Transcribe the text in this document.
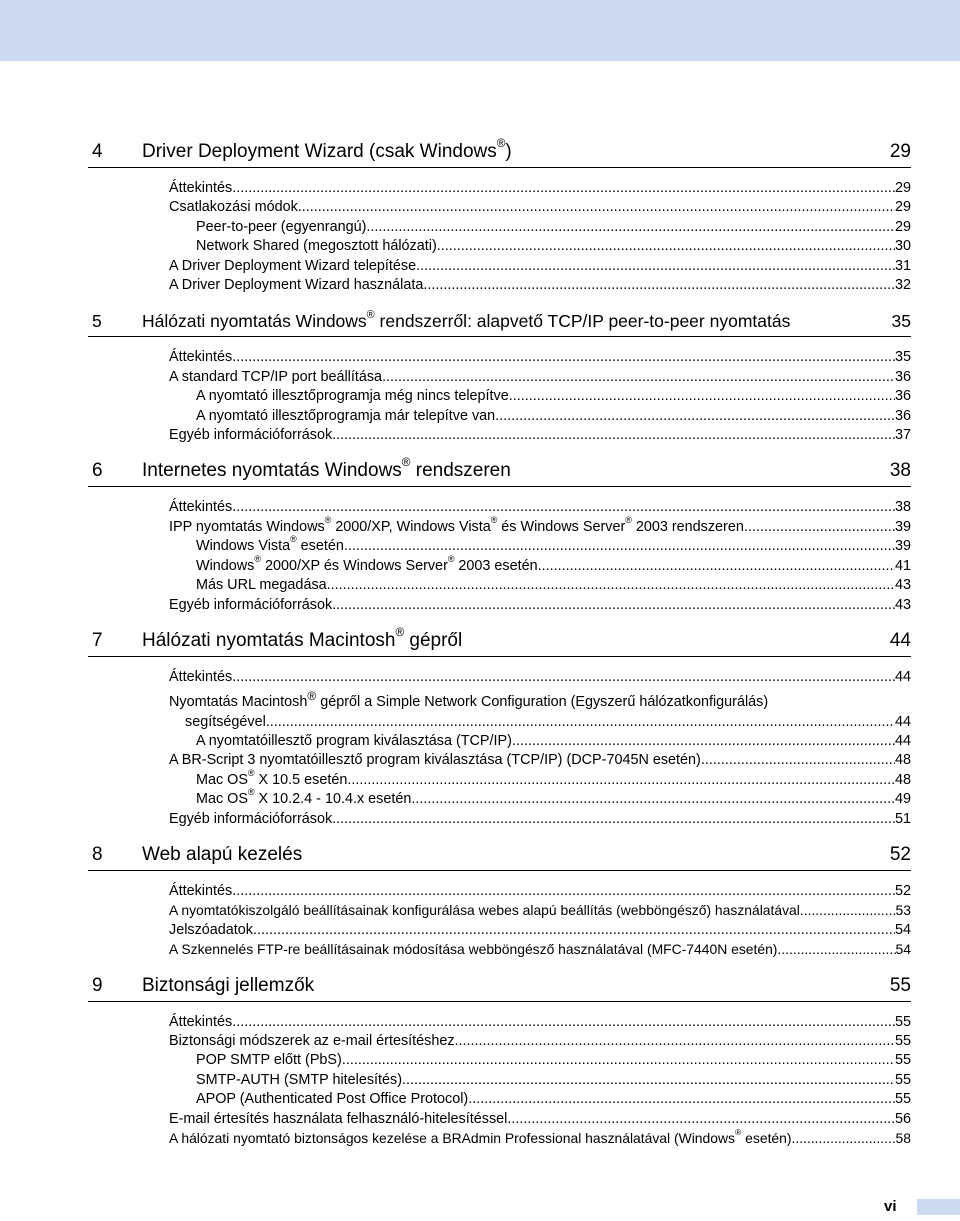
4 Driver Deployment Wizard (csak Windows®)	29
Áttekintés .....	29
Csatlakozási módok .....	29
Peer-to-peer (egyenrangú) .....	29
Network Shared (megosztott hálózati) .....	30
A Driver Deployment Wizard telepítése .....	31
A Driver Deployment Wizard használata .....	32
5 Hálózati nyomtatás Windows® rendszerről: alapvető TCP/IP peer-to-peer nyomtatás	35
Áttekintés .....	35
A standard TCP/IP port beállítása .....	36
A nyomtató illesztőprogramja még nincs telepítve .....	36
A nyomtató illesztőprogramja már telepítve van .....	36
Egyéb információforrások .....	37
6 Internetes nyomtatás Windows® rendszeren	38
Áttekintés .....	38
IPP nyomtatás Windows® 2000/XP, Windows Vista® és Windows Server® 2003 rendszeren .....	39
Windows Vista® esetén .....	39
Windows® 2000/XP és Windows Server® 2003 esetén .....	41
Más URL megadása .....	43
Egyéb információforrások .....	43
7 Hálózati nyomtatás Macintosh® gépről	44
Áttekintés .....	44
Nyomtatás Macintosh® gépről a Simple Network Configuration (Egyszerű hálózatkonfigurálás)
segítségével .....	44
A nyomtatóillesztő program kiválasztása (TCP/IP) .....	44
A BR-Script 3 nyomtatóillesztő program kiválasztása (TCP/IP) (DCP-7045N esetén) .....	48
Mac OS® X 10.5 esetén .....	48
Mac OS® X 10.2.4 - 10.4.x esetén .....	49
Egyéb információforrások .....	51
8 Web alapú kezelés	52
Áttekintés .....	52
A nyomtatókiszolgáló beállításainak konfigurálása webes alapú beállítás (webböngésző) használatával .....	53
Jelszóadatok .....	54
A Szkennelés FTP-re beállításainak módosítása webböngésző használatával (MFC-7440N esetén) .....	54
9 Biztonsági jellemzők	55
Áttekintés .....	55
Biztonsági módszerek az e-mail értesítéshez .....	55
POP SMTP előtt (PbS) .....	55
SMTP-AUTH (SMTP hitelesítés) .....	55
APOP (Authenticated Post Office Protocol) .....	55
E-mail értesítés használata felhasználó-hitelesítéssel .....	56
A hálózati nyomtató biztonságos kezelése a BRAdmin Professional használatával (Windows® esetén) .....	58
vi
